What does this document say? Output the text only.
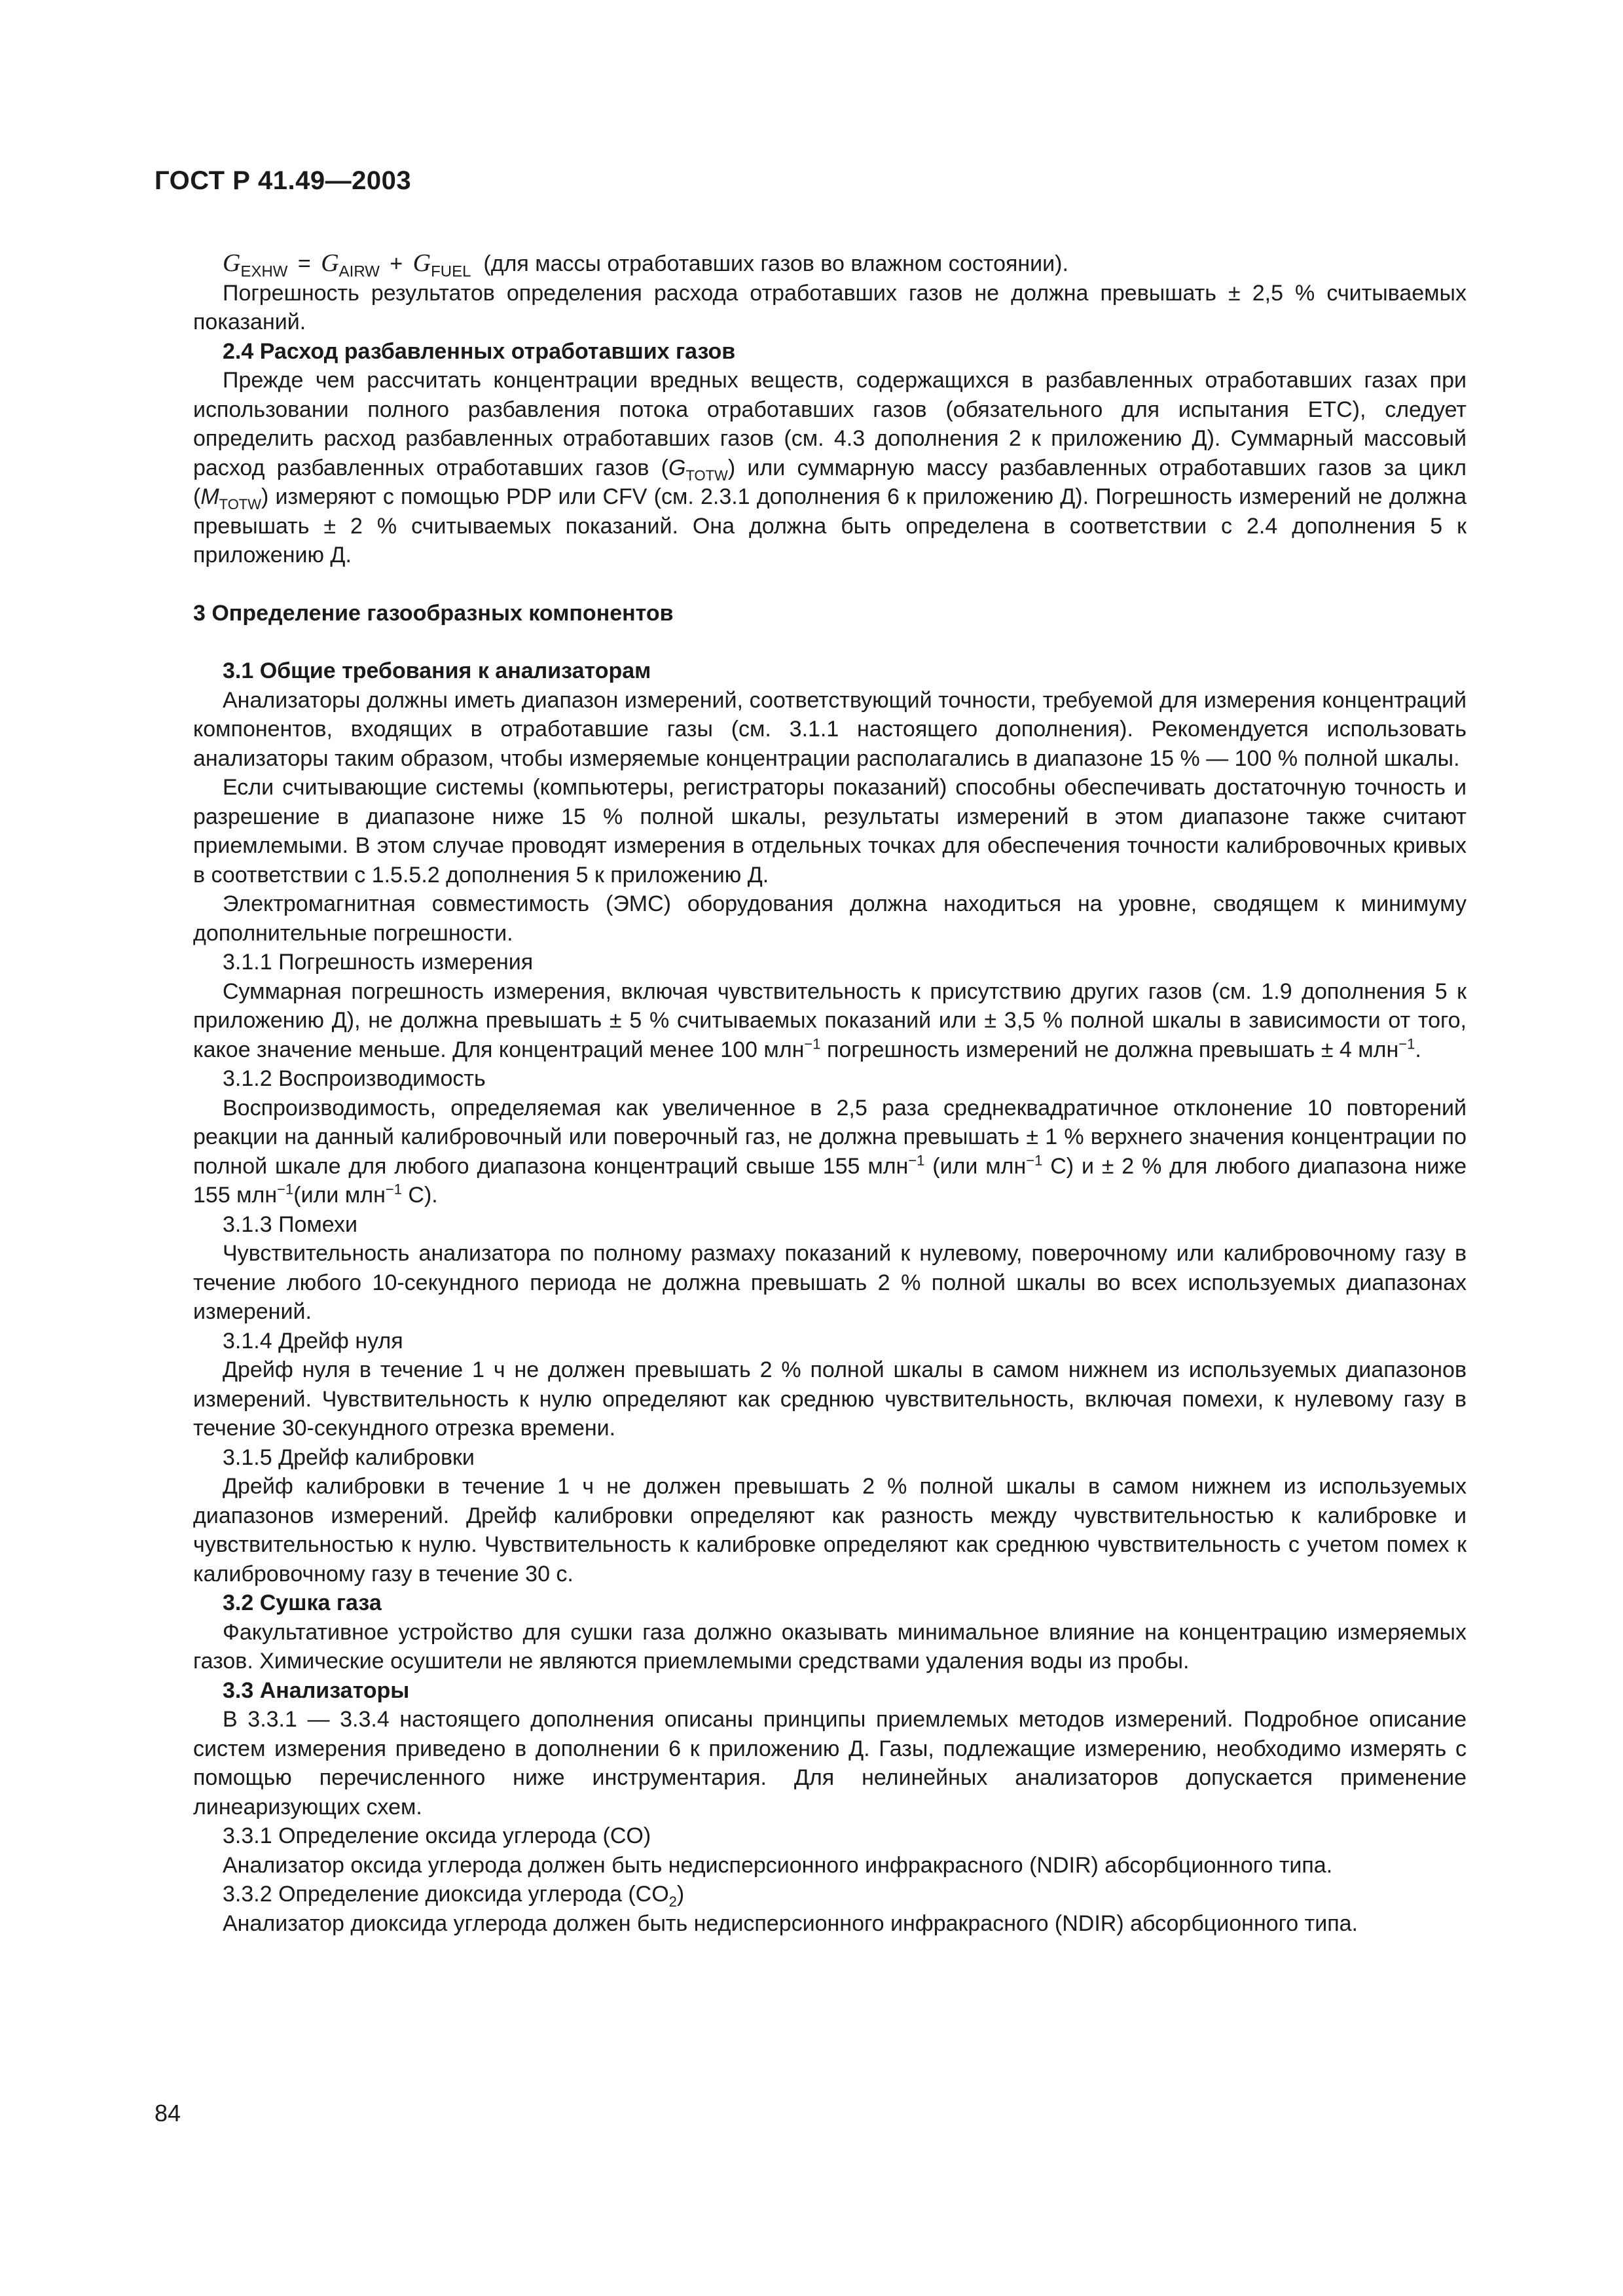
ГОСТ Р 41.49—2003

$G_{EXHW} = G_{AIRW} + G_{FUEL}$ (для массы отработавших газов во влажном состоянии).

Погрешность результатов определения расхода отработавших газов не должна превышать ± 2,5 % считываемых показаний.

2.4 Расход разбавленных отработавших газов

Прежде чем рассчитать концентрации вредных веществ, содержащихся в разбавленных отработавших газах при использовании полного разбавления потока отработавших газов (обязательного для испытания ETC), следует определить расход разбавленных отработавших газов (см. 4.3 дополнения 2 к приложению Д). Суммарный массовый расход разбавленных отработавших газов $(G_{TOTW})$ или суммарную массу разбавленных отработавших газов за цикл $(M_{TOTW})$ измеряют с помощью PDP или CFV (см. 2.3.1 дополнения 6 к приложению Д). Погрешность измерений не должна превышать ± 2 % считываемых показаний. Она должна быть определена в соответствии с 2.4 дополнения 5 к приложению Д.

3 Определение газообразных компонентов

3.1 Общие требования к анализаторам

Анализаторы должны иметь диапазон измерений, соответствующий точности, требуемой для измерения концентраций компонентов, входящих в отработавшие газы (см. 3.1.1 настоящего дополнения). Рекомендуется использовать анализаторы таким образом, чтобы измеряемые концентрации располагались в диапазоне 15 % — 100 % полной шкалы.

Если считывающие системы (компьютеры, регистраторы показаний) способны обеспечивать достаточную точность и разрешение в диапазоне ниже 15 % полной шкалы, результаты измерений в этом диапазоне также считают приемлемыми. В этом случае проводят измерения в отдельных точках для обеспечения точности калибровочных кривых в соответствии с 1.5.5.2 дополнения 5 к приложению Д.

Электромагнитная совместимость (ЭМС) оборудования должна находиться на уровне, сводящем к минимуму дополнительные погрешности.

3.1.1 Погрешность измерения

Суммарная погрешность измерения, включая чувствительность к присутствию других газов (см. 1.9 дополнения 5 к приложению Д), не должна превышать ± 5 % считываемых показаний или ± 3,5 % полной шкалы в зависимости от того, какое значение меньше. Для концентраций менее 100 млн$^{-1}$ погрешность измерений не должна превышать ± 4 млн$^{-1}$.

3.1.2 Воспроизводимость

Воспроизводимость, определяемая как увеличенное в 2,5 раза среднеквадратичное отклонение 10 повторений реакции на данный калибровочный или поверочный газ, не должна превышать ± 1 % верхнего значения концентрации по полной шкале для любого диапазона концентраций свыше 155 млн$^{-1}$ (или млн$^{-1}$ С) и ± 2 % для любого диапазона ниже 155 млн$^{-1}$(или млн$^{-1}$ С).

3.1.3 Помехи

Чувствительность анализатора по полному размаху показаний к нулевому, поверочному или калибровочному газу в течение любого 10-секундного периода не должна превышать 2 % полной шкалы во всех используемых диапазонах измерений.

3.1.4 Дрейф нуля

Дрейф нуля в течение 1 ч не должен превышать 2 % полной шкалы в самом нижнем из используемых диапазонов измерений. Чувствительность к нулю определяют как среднюю чувствительность, включая помехи, к нулевому газу в течение 30-секундного отрезка времени.

3.1.5 Дрейф калибровки

Дрейф калибровки в течение 1 ч не должен превышать 2 % полной шкалы в самом нижнем из используемых диапазонов измерений. Дрейф калибровки определяют как разность между чувствительностью к калибровке и чувствительностью к нулю. Чувствительность к калибровке определяют как среднюю чувствительность с учетом помех к калибровочному газу в течение 30 с.

3.2 Сушка газа

Факультативное устройство для сушки газа должно оказывать минимальное влияние на концентрацию измеряемых газов. Химические осушители не являются приемлемыми средствами удаления воды из пробы.

3.3 Анализаторы

В 3.3.1 — 3.3.4 настоящего дополнения описаны принципы приемлемых методов измерений. Подробное описание систем измерения приведено в дополнении 6 к приложению Д. Газы, подлежащие измерению, необходимо измерять с помощью перечисленного ниже инструментария. Для нелинейных анализаторов допускается применение линеаризующих схем.

3.3.1 Определение оксида углерода (CO)

Анализатор оксида углерода должен быть недисперсионного инфракрасного (NDIR) абсорбционного типа.

3.3.2 Определение диоксида углерода $(CO_2)$

Анализатор диоксида углерода должен быть недисперсионного инфракрасного (NDIR) абсорбционного типа.

84
